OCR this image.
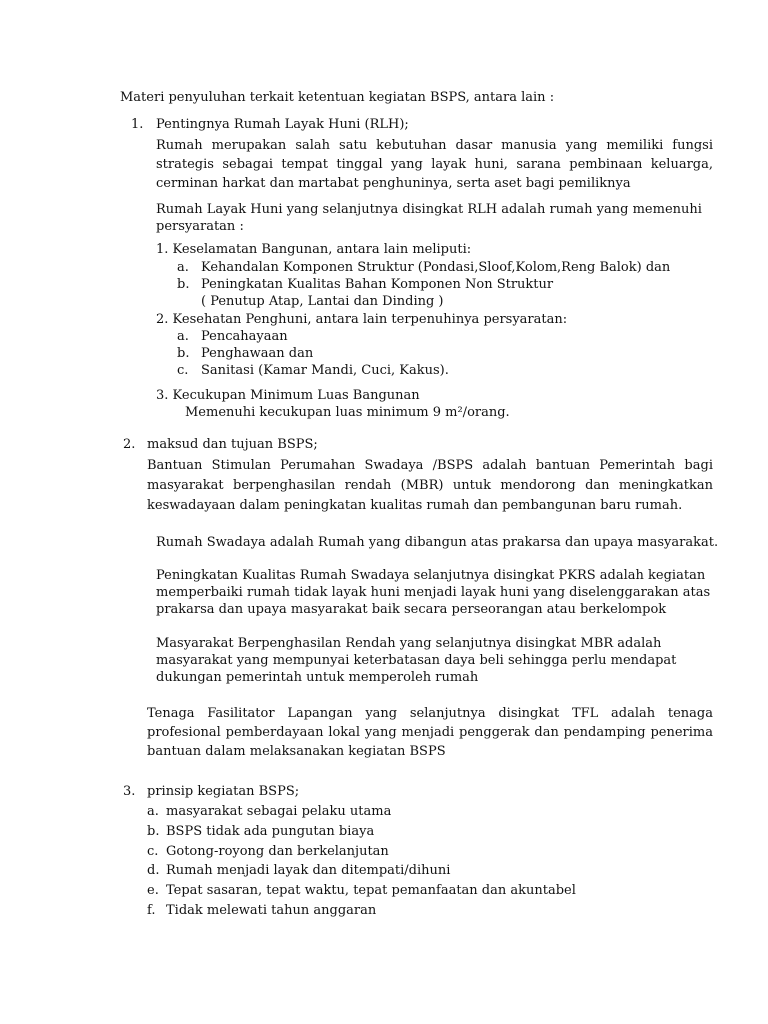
Materi penyuluhan terkait ketentuan kegiatan BSPS, antara lain :
1. Pentingnya Rumah Layak Huni (RLH);
Rumah merupakan salah satu kebutuhan dasar manusia yang memiliki fungsi strategis sebagai tempat tinggal yang layak huni, sarana pembinaan keluarga, cerminan harkat dan martabat penghuninya, serta aset bagi pemiliknya
Rumah Layak Huni yang selanjutnya disingkat RLH adalah rumah yang memenuhi persyaratan :
1. Keselamatan Bangunan, antara lain meliputi:
a. Kehandalan Komponen Struktur (Pondasi,Sloof,Kolom,Reng Balok) dan
b. Peningkatan Kualitas Bahan Komponen Non Struktur
( Penutup Atap, Lantai dan Dinding )
2. Kesehatan Penghuni, antara lain terpenuhinya persyaratan:
a. Pencahayaan
b. Penghawaan dan
c. Sanitasi (Kamar Mandi, Cuci, Kakus).
3. Kecukupan Minimum Luas Bangunan
Memenuhi kecukupan luas minimum 9 m²/orang.
2. maksud dan tujuan BSPS;
Bantuan Stimulan Perumahan Swadaya /BSPS adalah bantuan Pemerintah bagi masyarakat berpenghasilan rendah (MBR) untuk mendorong dan meningkatkan keswadayaan dalam peningkatan kualitas rumah dan pembangunan baru rumah.
Rumah Swadaya adalah Rumah yang dibangun atas prakarsa dan upaya masyarakat.
Peningkatan Kualitas Rumah Swadaya selanjutnya disingkat PKRS adalah kegiatan memperbaiki rumah tidak layak huni menjadi layak huni yang diselenggarakan atas prakarsa dan upaya masyarakat baik secara perseorangan atau berkelompok
Masyarakat Berpenghasilan Rendah yang selanjutnya disingkat MBR adalah masyarakat yang mempunyai keterbatasan daya beli sehingga perlu mendapat dukungan pemerintah untuk memperoleh rumah
Tenaga Fasilitator Lapangan yang selanjutnya disingkat TFL adalah tenaga profesional pemberdayaan lokal yang menjadi penggerak dan pendamping penerima bantuan dalam melaksanakan kegiatan BSPS
3. prinsip kegiatan BSPS;
a. masyarakat sebagai pelaku utama
b. BSPS tidak ada pungutan biaya
c. Gotong-royong dan berkelanjutan
d. Rumah menjadi layak dan ditempati/dihuni
e. Tepat sasaran, tepat waktu, tepat pemanfaatan dan akuntabel
f. Tidak melewati tahun anggaran
